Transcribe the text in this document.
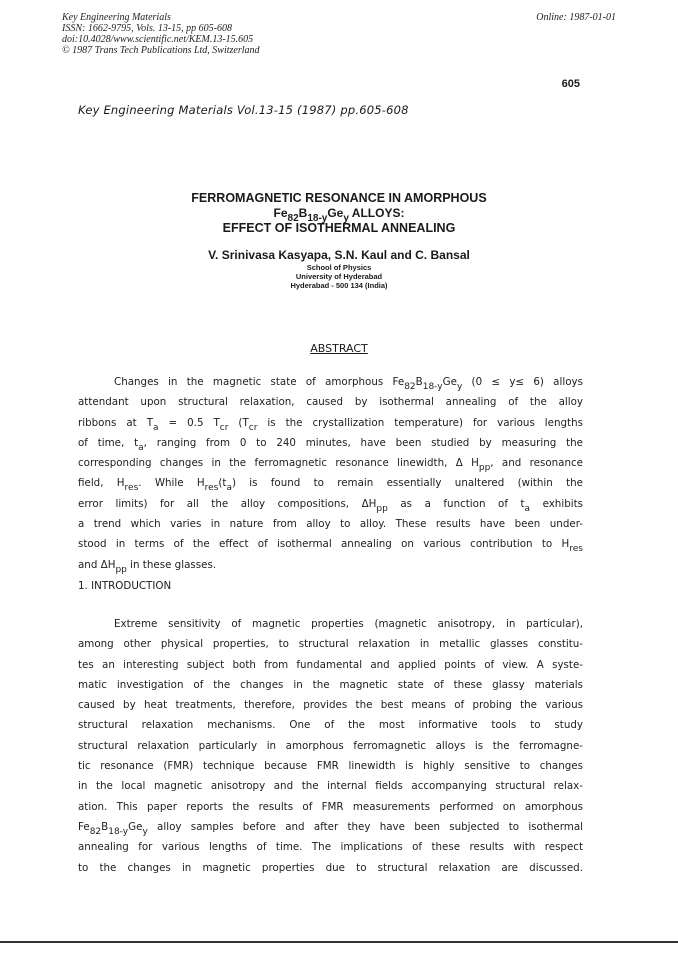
Key Engineering Materials
ISSN: 1662-9795, Vols. 13-15, pp 605-608
doi:10.4028/www.scientific.net/KEM.13-15.605
© 1987 Trans Tech Publications Ltd, Switzerland
Online: 1987-01-01
605
Key Engineering Materials Vol.13-15 (1987) pp.605-608
FERROMAGNETIC RESONANCE IN AMORPHOUS
$Fe_{82}B_{18-y}Ge_y$ ALLOYS:
EFFECT OF ISOTHERMAL ANNEALING
V. Srinivasa Kasyapa, S.N. Kaul and C. Bansal
School of Physics
University of Hyderabad
Hyderabad - 500 134 (India)
ABSTRACT
Changes in the magnetic state of amorphous $Fe_{82}B_{18-y}Ge_y$ (0 ≤ y≤ 6) alloys
attendant upon structural relaxation, caused by isothermal annealing of the alloy
ribbons at $T_a = 0.5$ $T_{cr}$ ($T_{cr}$ is the crystallization temperature) for various lengths
of time, $t_a$, ranging from 0 to 240 minutes, have been studied by measuring the
corresponding changes in the ferromagnetic resonance linewidth, Δ $H_{pp}$, and resonance
field, $H_{res}$. While $H_{res}(t_a)$ is found to remain essentially unaltered (within the
error limits) for all the alloy compositions, $\Delta H_{pp}$ as a function of $t_a$ exhibits
a trend which varies in nature from alloy to alloy. These results have been under-
stood in terms of the effect of isothermal annealing on various contribution to $H_{res}$
and $\Delta H_{pp}$ in these glasses.
1. INTRODUCTION
Extreme sensitivity of magnetic properties (magnetic anisotropy, in particular),
among other physical properties, to structural relaxation in metallic glasses constitu-
tes an interesting subject both from fundamental and applied points of view. A syste-
matic investigation of the changes in the magnetic state of these glassy materials
caused by heat treatments, therefore, provides the best means of probing the various
structural relaxation mechanisms. One of the most informative tools to study
structural relaxation particularly in amorphous ferromagnetic alloys is the ferromagne-
tic resonance (FMR) technique because FMR linewidth is highly sensitive to changes
in the local magnetic anisotropy and the internal fields accompanying structural relax-
ation. This paper reports the results of FMR measurements performed on amorphous
$Fe_{82}B_{18-y}Ge_y$ alloy samples before and after they have been subjected to isothermal
annealing for various lengths of time. The implications of these results with respect
to the changes in magnetic properties due to structural relaxation are discussed.
